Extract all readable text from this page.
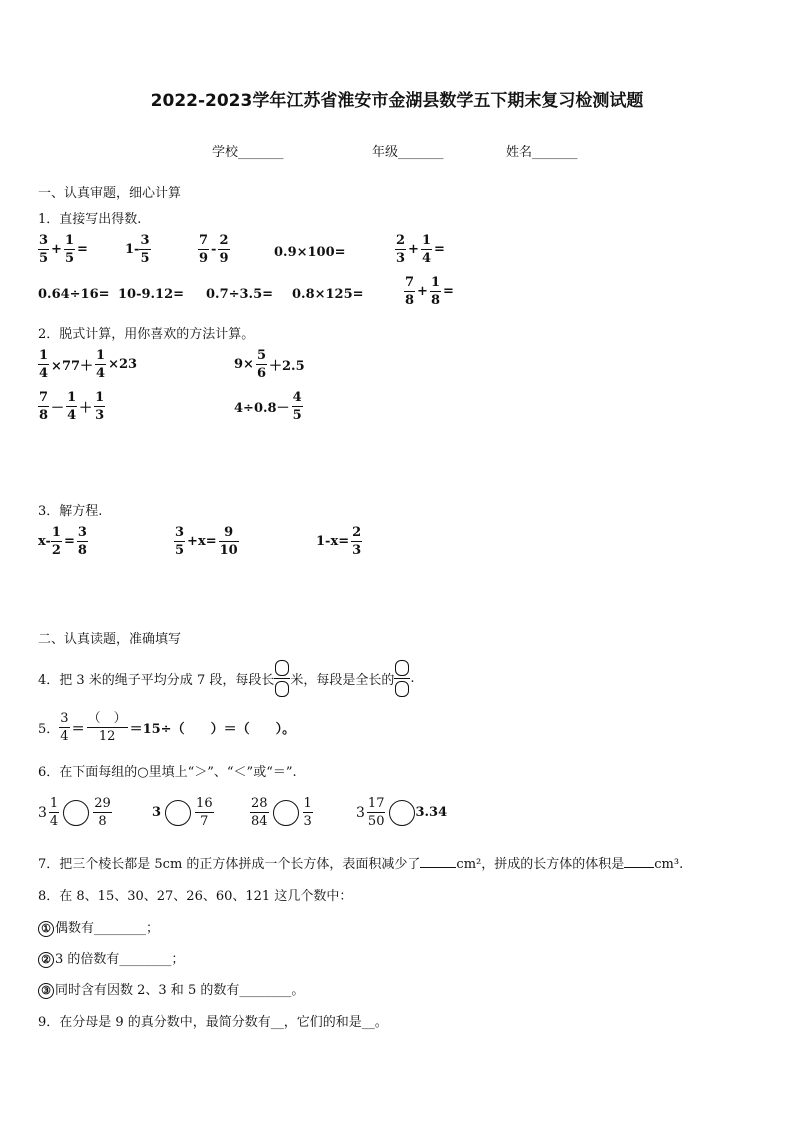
2022-2023学年江苏省淮安市金湖县数学五下期末复习检测试题
学校_______	年级_______	姓名_______
一、认真审题，细心计算
1．直接写出得数.
$\frac{3}{5} + \frac{1}{5}$ =	$1- \frac{3}{5}$	$\frac{7}{9} - \frac{2}{9}$	0.9×100=	$\frac{2}{3} + \frac{1}{4}$ =
0.64÷16= 10-9.12= 0.7÷3.5= 0.8×125=	$\frac{7}{8} + \frac{1}{8}$ =
2．脱式计算，用你喜欢的方法计算。
$\frac{1}{4} \times 77+ \frac{1}{4} \times 23$	$9\times \frac{5}{6} +2.5$
$\frac{7}{8} - \frac{1}{4} + \frac{1}{3}$	$4\div 0.8- \frac{4}{5}$
3．解方程.
$x- \frac{1}{2} = \frac{3}{8}$	$\frac{3}{5} +x= \frac{9}{10}$	$1-x= \frac{2}{3}$
二、认真读题，准确填写
4．把 3 米的绳子平均分成 7 段，每段长 米，每段是全长的 .
5． $\frac{3}{4} = \frac{( )}{12} =15\div$（　　）＝（　　）。
6．在下面每组的○里填上“＞”、“＜”或“＝”.
$3 \frac{1}{4}$	$\frac{29}{8}$	3	$\frac{16}{7}$	$\frac{28}{84}$	$\frac{1}{3}$	$3 \frac{17}{50} 3.34$
7．把三个棱长都是 5cm 的正方体拼成一个长方体，表面积减少了	cm²，拼成的长方体的体积是 cm³.
8．在 8、15、30、27、26、60、121 这几个数中：
① 偶数有________；
② 3 的倍数有________；
③ 同时含有因数 2、3 和 5 的数有________。
9．在分母是 9 的真分数中，最简分数有__，它们的和是__。
